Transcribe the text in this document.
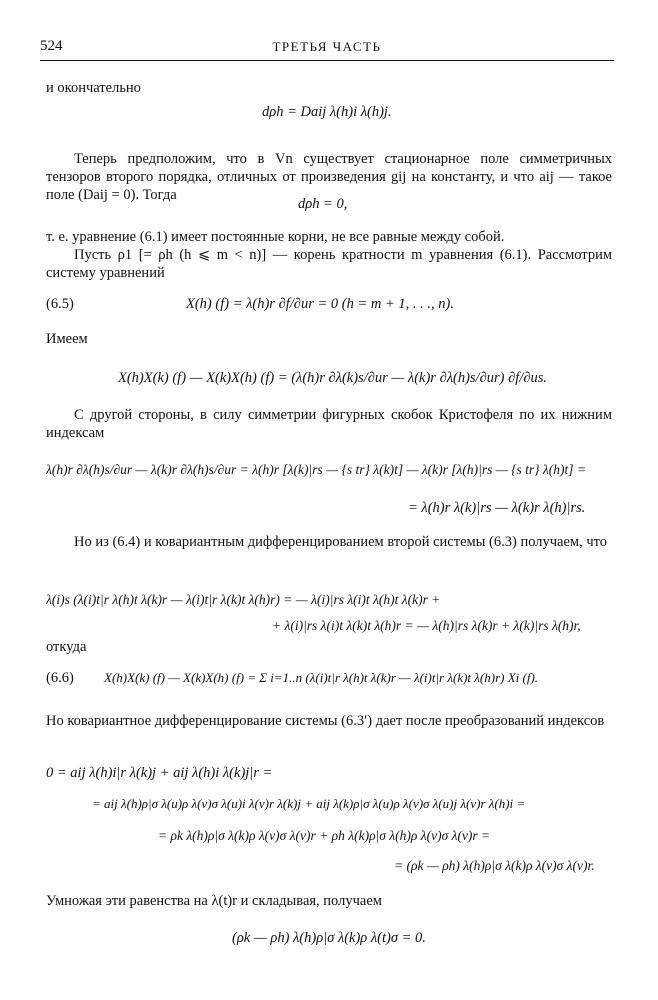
524	ТРЕТЬЯ ЧАСТЬ
и окончательно
dρh = Daij λ(h)i λ(h)j.
Теперь предположим, что в Vn существует стационарное поле симметричных тензоров второго порядка, отличных от произведения gij на константу, и что aij — такое поле (Daij = 0). Тогда
dρh = 0,
т. е. уравнение (6.1) имеет постоянные корни, не все равные между собой.
Пусть ρ1 [= ρh (h ⩽ m < n)] — корень кратности m уравнения (6.1). Рассмотрим систему уравнений
(6.5)	X(h) (f) = λ(h)r ∂f/∂ur = 0 (h = m + 1, . . ., n).
Имеем
X(h)X(k) (f) — X(k)X(h) (f) = (λ(h)r ∂λ(k)s/∂ur — λ(k)r ∂λ(h)s/∂ur) ∂f/∂us.
С другой стороны, в силу симметрии фигурных скобок Кристофеля по их нижним индексам
λ(h)r ∂λ(h)s/∂ur — λ(k)r ∂λ(h)s/∂ur = λ(h)r [λ(k)|rs — {s tr} λ(k)t] — λ(k)r [λ(h)|rs — {s tr} λ(h)t] =
= λ(h)r λ(k)|rs — λ(k)r λ(h)|rs.
Но из (6.4) и ковариантным дифференцированием второй системы (6.3) получаем, что
λ(i)s (λ(i)t|r λ(h)t λ(k)r — λ(i)t|r λ(k)t λ(h)r) = — λ(i)|rs λ(i)t λ(h)t λ(k)r +
+ λ(i)|rs λ(i)t λ(k)t λ(h)r = — λ(h)|rs λ(k)r + λ(k)|rs λ(h)r,
откуда
(6.6) X(h)X(k) (f) — X(k)X(h) (f) = Σ i=1..n (λ(i)t|r λ(h)t λ(k)r — λ(i)t|r λ(k)t λ(h)r) Xi (f).
Но ковариантное дифференцирование системы (6.3′) дает после преобразований индексов
0 = aij λ(h)i|r λ(k)j + aij λ(h)i λ(k)j|r =
= aij λ(h)ρ|σ λ(u)ρ λ(v)σ λ(u)i λ(v)r λ(k)j + aij λ(k)ρ|σ λ(u)ρ λ(v)σ λ(u)j λ(v)r λ(h)i =
= ρk λ(h)ρ|σ λ(k)ρ λ(v)σ λ(v)r + ρh λ(k)ρ|σ λ(h)ρ λ(v)σ λ(v)r =
= (ρk — ρh) λ(h)ρ|σ λ(k)ρ λ(v)σ λ(v)r.
Умножая эти равенства на λ(t)r и складывая, получаем
(ρk — ρh) λ(h)ρ|σ λ(k)ρ λ(t)σ = 0.
